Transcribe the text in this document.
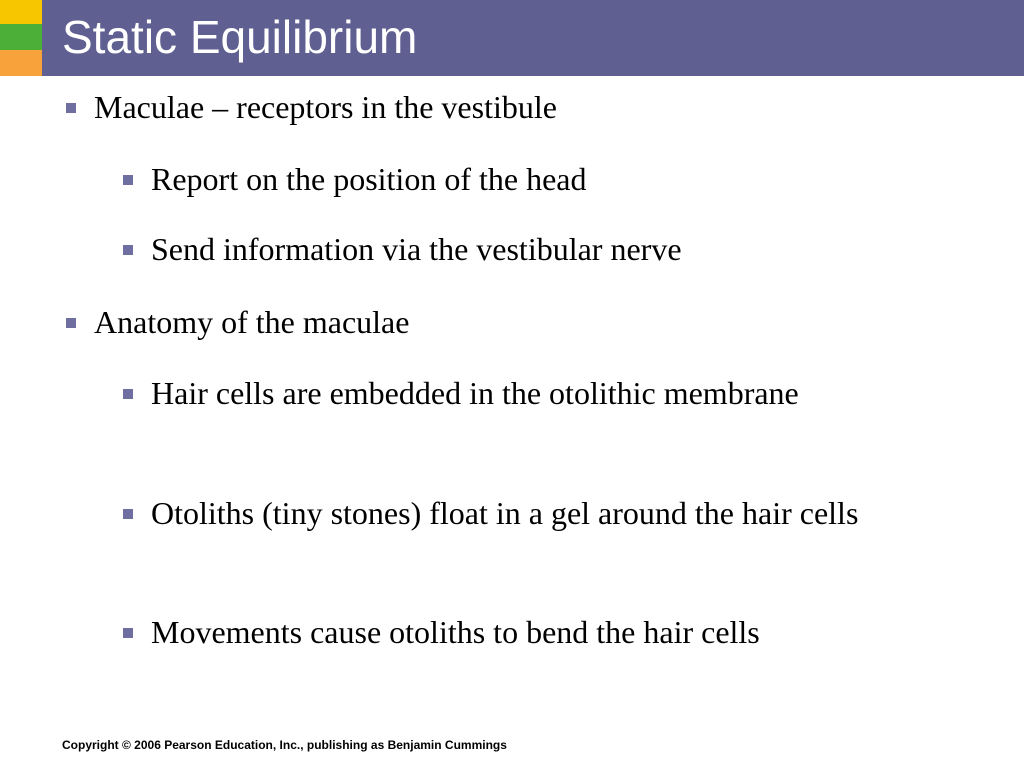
Static Equilibrium
Maculae – receptors in the vestibule
Report on the position of the head
Send information via the vestibular nerve
Anatomy of the maculae
Hair cells are embedded in the otolithic membrane
Otoliths (tiny stones) float in a gel around the hair cells
Movements cause otoliths to bend the hair cells
Copyright © 2006 Pearson Education, Inc., publishing as Benjamin Cummings
